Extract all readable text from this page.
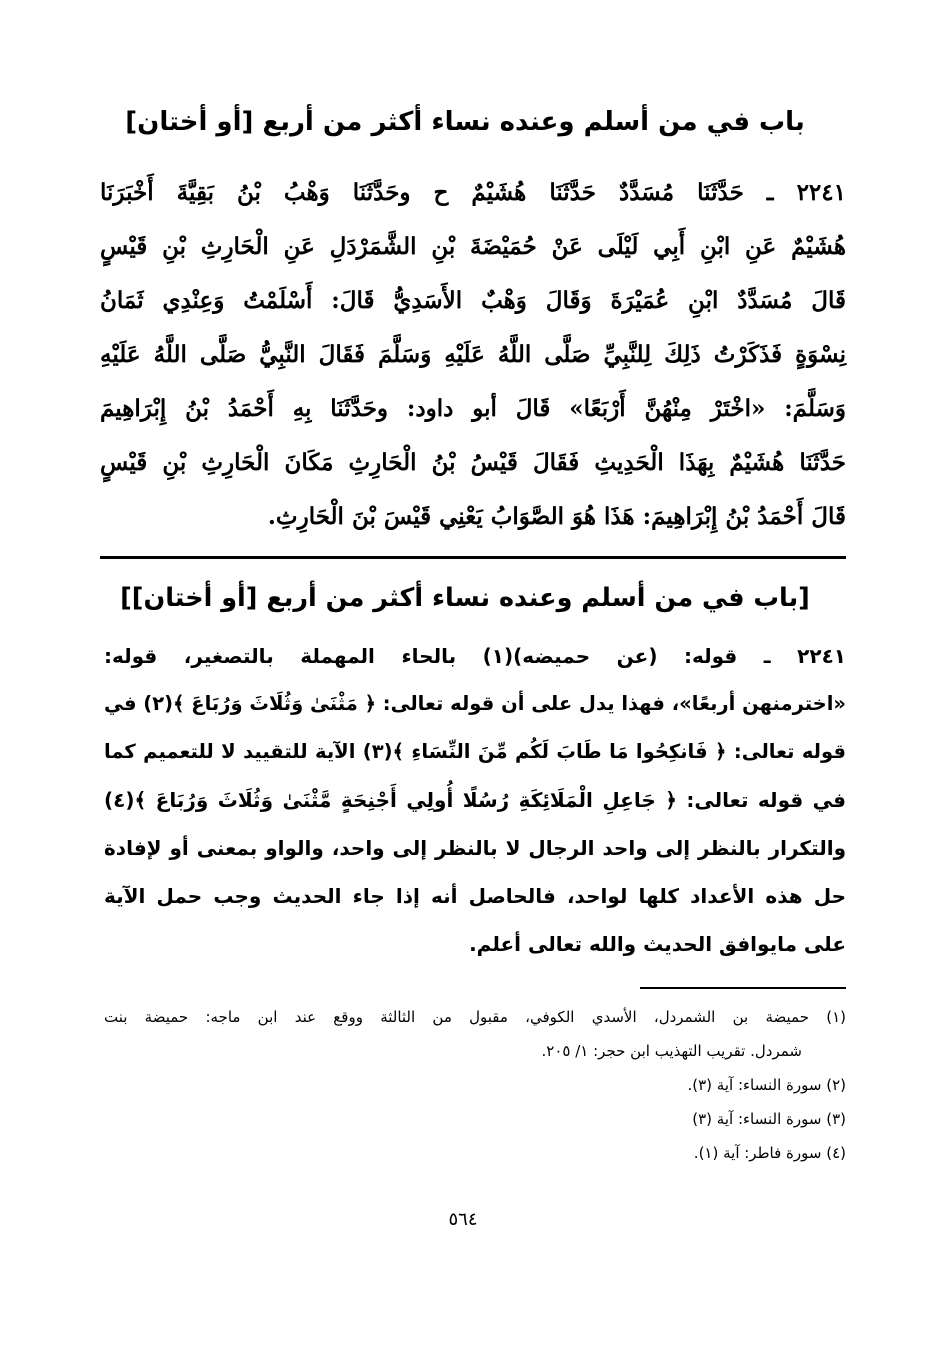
باب في من أسلم وعنده نساء أكثر من أربع [أو أختان]
٢٢٤١ ـ حَدَّثَنَا مُسَدَّدٌ حَدَّثَنَا هُشَيْمٌ ح وحَدَّثَنَا وَهْبُ بْنُ بَقِيَّةَ أَخْبَرَنَا
هُشَيْمٌ عَنِ ابْنِ أَبِي لَيْلَى عَنْ حُمَيْضَةَ بْنِ الشَّمَرْدَلِ عَنِ الْحَارِثِ بْنِ قَيْسٍ
قَالَ مُسَدَّدٌ ابْنِ عُمَيْرَةَ وَقَالَ وَهْبٌ الأَسَدِيُّ قَالَ: أَسْلَمْتُ وَعِنْدِي ثَمَانُ
نِسْوَةٍ فَذَكَرْتُ ذَلِكَ لِلنَّبِيِّ صَلَّى اللَّهُ عَلَيْهِ وَسَلَّمَ فَقَالَ النَّبِيُّ صَلَّى اللَّهُ عَلَيْهِ
وَسَلَّمَ: «اخْتَرْ مِنْهُنَّ أَرْبَعًا» قَالَ أبو داود: وحَدَّثَنَا بِهِ أَحْمَدُ بْنُ إِبْرَاهِيمَ
حَدَّثَنَا هُشَيْمٌ بِهَذَا الْحَدِيثِ فَقَالَ قَيْسُ بْنُ الْحَارِثِ مَكَانَ الْحَارِثِ بْنِ قَيْسٍ
قَالَ أَحْمَدُ بْنُ إِبْرَاهِيمَ: هَذَا هُوَ الصَّوَابُ يَعْنِي قَيْسَ بْنَ الْحَارِثِ.
[باب في من أسلم وعنده نساء أكثر من أربع [أو أختان]]
٢٢٤١ ـ قوله: (عن حميضه)(١) بالحاء المهملة بالتصغير، قوله:
«اخترمنهن أربعًا»، فهذا يدل على أن قوله تعالى: ﴿ مَثْنَىٰ وَثُلَاثَ وَرُبَاعَ ﴾(٢) في
قوله تعالى: ﴿ فَانكِحُوا مَا طَابَ لَكُم مِّنَ النِّسَاءِ ﴾(٣) الآية للتقييد لا للتعميم كما
في قوله تعالى: ﴿ جَاعِلِ الْمَلَائِكَةِ رُسُلًا أُولِي أَجْنِحَةٍ مَّثْنَىٰ وَثُلَاثَ وَرُبَاعَ ﴾(٤)
والتكرار بالنظر إلى واحد الرجال لا بالنظر إلى واحد، والواو بمعنى أو لإفادة
حل هذه الأعداد كلها لواحد، فالحاصل أنه إذا جاء الحديث وجب حمل الآية
على مايوافق الحديث والله تعالى أعلم.
(١) حميضة بن الشمردل، الأسدي الكوفي، مقبول من الثالثة ووقع عند ابن ماجه: حميضة بنت
شمردل. تقريب التهذيب ابن حجر: ١/ ٢٠٥.
(٢) سورة النساء: آية (٣).
(٣) سورة النساء: آية (٣)
(٤) سورة فاطر: آية (١).
٥٦٤
